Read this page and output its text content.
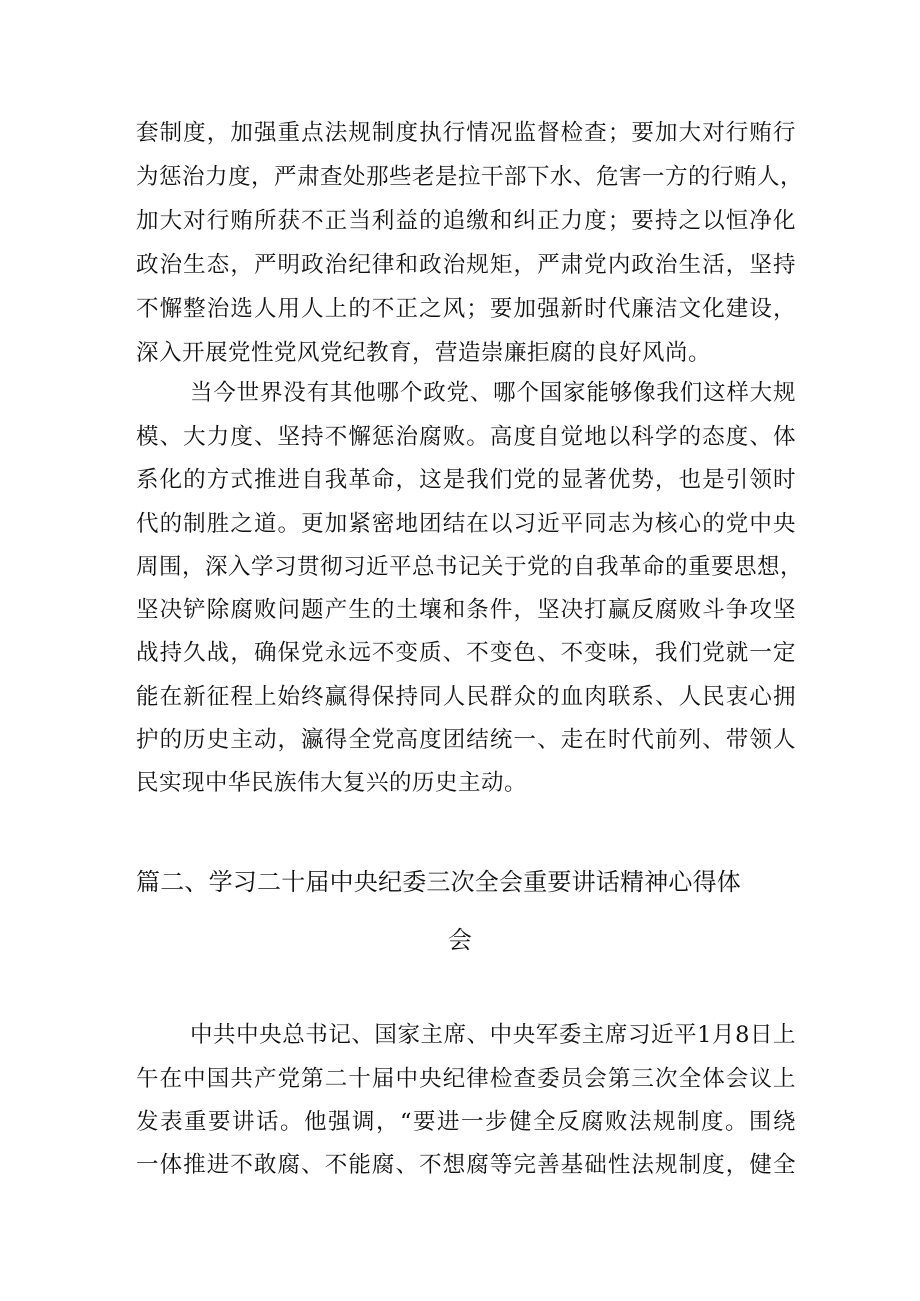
套制度，加强重点法规制度执行情况监督检查；要加大对行贿行
为惩治力度，严肃查处那些老是拉干部下水、危害一方的行贿人，
加大对行贿所获不正当利益的追缴和纠正力度；要持之以恒净化
政治生态，严明政治纪律和政治规矩，严肃党内政治生活，坚持
不懈整治选人用人上的不正之风；要加强新时代廉洁文化建设，
深入开展党性党风党纪教育，营造崇廉拒腐的良好风尚。
当今世界没有其他哪个政党、哪个国家能够像我们这样大规
模、大力度、坚持不懈惩治腐败。高度自觉地以科学的态度、体
系化的方式推进自我革命，这是我们党的显著优势，也是引领时
代的制胜之道。更加紧密地团结在以习近平同志为核心的党中央
周围，深入学习贯彻习近平总书记关于党的自我革命的重要思想，
坚决铲除腐败问题产生的土壤和条件，坚决打赢反腐败斗争攻坚
战持久战，确保党永远不变质、不变色、不变味，我们党就一定
能在新征程上始终赢得保持同人民群众的血肉联系、人民衷心拥
护的历史主动，瀛得全党高度团结统一、走在时代前列、带领人
民实现中华民族伟大复兴的历史主动。
篇二、学习二十届中央纪委三次全会重要讲话精神心得体
会
中共中央总书记、国家主席、中央军委主席习近平1月8日上
午在中国共产党第二十届中央纪律检查委员会第三次全体会议上
发表重要讲话。他强调，“要进一步健全反腐败法规制度。围绕
一体推进不敢腐、不能腐、不想腐等完善基础性法规制度，健全
